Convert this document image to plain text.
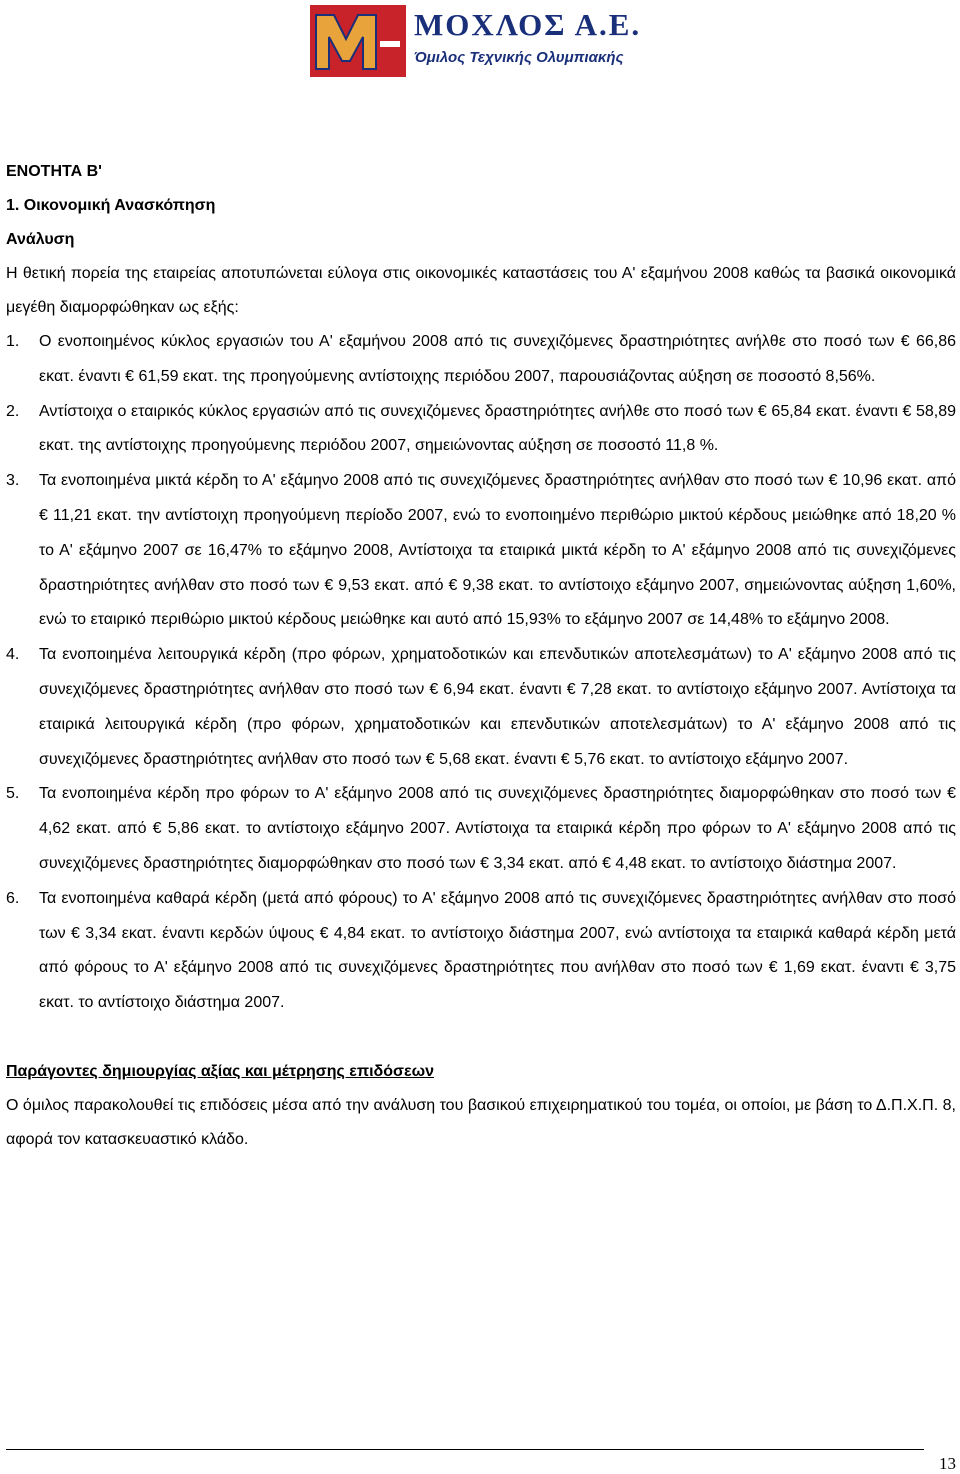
ΜΟΧΛΟΣ Α.Ε.
Όμιλος Τεχνικής Ολυμπιακής

ΕΝΟΤΗΤΑ Β'

1. Οικονομική Ανασκόπηση

Ανάλυση

Η θετική πορεία της εταιρείας αποτυπώνεται εύλογα στις οικονομικές καταστάσεις του Α' εξαμήνου 2008 καθώς τα βασικά οικονομικά μεγέθη διαμορφώθηκαν ως εξής:

1. Ο ενοποιημένος κύκλος εργασιών του Α' εξαμήνου 2008 από τις συνεχιζόμενες δραστηριότητες ανήλθε στο ποσό των € 66,86 εκατ. έναντι € 61,59 εκατ. της προηγούμενης αντίστοιχης περιόδου 2007, παρουσιάζοντας αύξηση σε ποσοστό 8,56%.
2. Αντίστοιχα ο εταιρικός κύκλος εργασιών από τις συνεχιζόμενες δραστηριότητες ανήλθε στο ποσό των € 65,84 εκατ. έναντι € 58,89 εκατ. της αντίστοιχης προηγούμενης περιόδου 2007, σημειώνοντας αύξηση σε ποσοστό 11,8 %.
3. Τα ενοποιημένα μικτά κέρδη το Α' εξάμηνο 2008 από τις συνεχιζόμενες δραστηριότητες ανήλθαν στο ποσό των € 10,96 εκατ. από € 11,21 εκατ. την αντίστοιχη προηγούμενη περίοδο 2007, ενώ το ενοποιημένο περιθώριο μικτού κέρδους μειώθηκε από 18,20 % το Α' εξάμηνο 2007 σε 16,47% το εξάμηνο 2008, Αντίστοιχα τα εταιρικά μικτά κέρδη το Α' εξάμηνο 2008 από τις συνεχιζόμενες δραστηριότητες ανήλθαν στο ποσό των € 9,53 εκατ. από € 9,38 εκατ. το αντίστοιχο εξάμηνο 2007, σημειώνοντας αύξηση 1,60%, ενώ το εταιρικό περιθώριο μικτού κέρδους μειώθηκε και αυτό από 15,93% το εξάμηνο 2007 σε 14,48% το εξάμηνο 2008.
4. Τα ενοποιημένα λειτουργικά κέρδη (προ φόρων, χρηματοδοτικών και επενδυτικών αποτελεσμάτων) το Α' εξάμηνο 2008 από τις συνεχιζόμενες δραστηριότητες ανήλθαν στο ποσό των € 6,94 εκατ. έναντι € 7,28 εκατ. το αντίστοιχο εξάμηνο 2007. Αντίστοιχα τα εταιρικά λειτουργικά κέρδη (προ φόρων, χρηματοδοτικών και επενδυτικών αποτελεσμάτων) το Α' εξάμηνο 2008 από τις συνεχιζόμενες δραστηριότητες ανήλθαν στο ποσό των € 5,68 εκατ. έναντι € 5,76 εκατ. το αντίστοιχο εξάμηνο 2007.
5. Τα ενοποιημένα κέρδη προ φόρων το Α' εξάμηνο 2008 από τις συνεχιζόμενες δραστηριότητες διαμορφώθηκαν στο ποσό των € 4,62 εκατ. από € 5,86 εκατ. το αντίστοιχο εξάμηνο 2007. Αντίστοιχα τα εταιρικά κέρδη προ φόρων το Α' εξάμηνο 2008 από τις συνεχιζόμενες δραστηριότητες διαμορφώθηκαν στο ποσό των € 3,34 εκατ. από € 4,48 εκατ. το αντίστοιχο διάστημα 2007.
6. Τα ενοποιημένα καθαρά κέρδη (μετά από φόρους) το Α' εξάμηνο 2008 από τις συνεχιζόμενες δραστηριότητες ανήλθαν στο ποσό των € 3,34 εκατ. έναντι κερδών ύψους € 4,84 εκατ. το αντίστοιχο διάστημα 2007, ενώ αντίστοιχα τα εταιρικά καθαρά κέρδη μετά από φόρους το Α' εξάμηνο 2008 από τις συνεχιζόμενες δραστηριότητες που ανήλθαν στο ποσό των € 1,69 εκατ. έναντι € 3,75 εκατ. το αντίστοιχο διάστημα 2007.

Παράγοντες δημιουργίας αξίας και μέτρησης επιδόσεων

Ο όμιλος παρακολουθεί τις επιδόσεις μέσα από την ανάλυση του βασικού επιχειρηματικού του τομέα, οι οποίοι, με βάση το Δ.Π.Χ.Π. 8, αφορά τον κατασκευαστικό κλάδο.

13
